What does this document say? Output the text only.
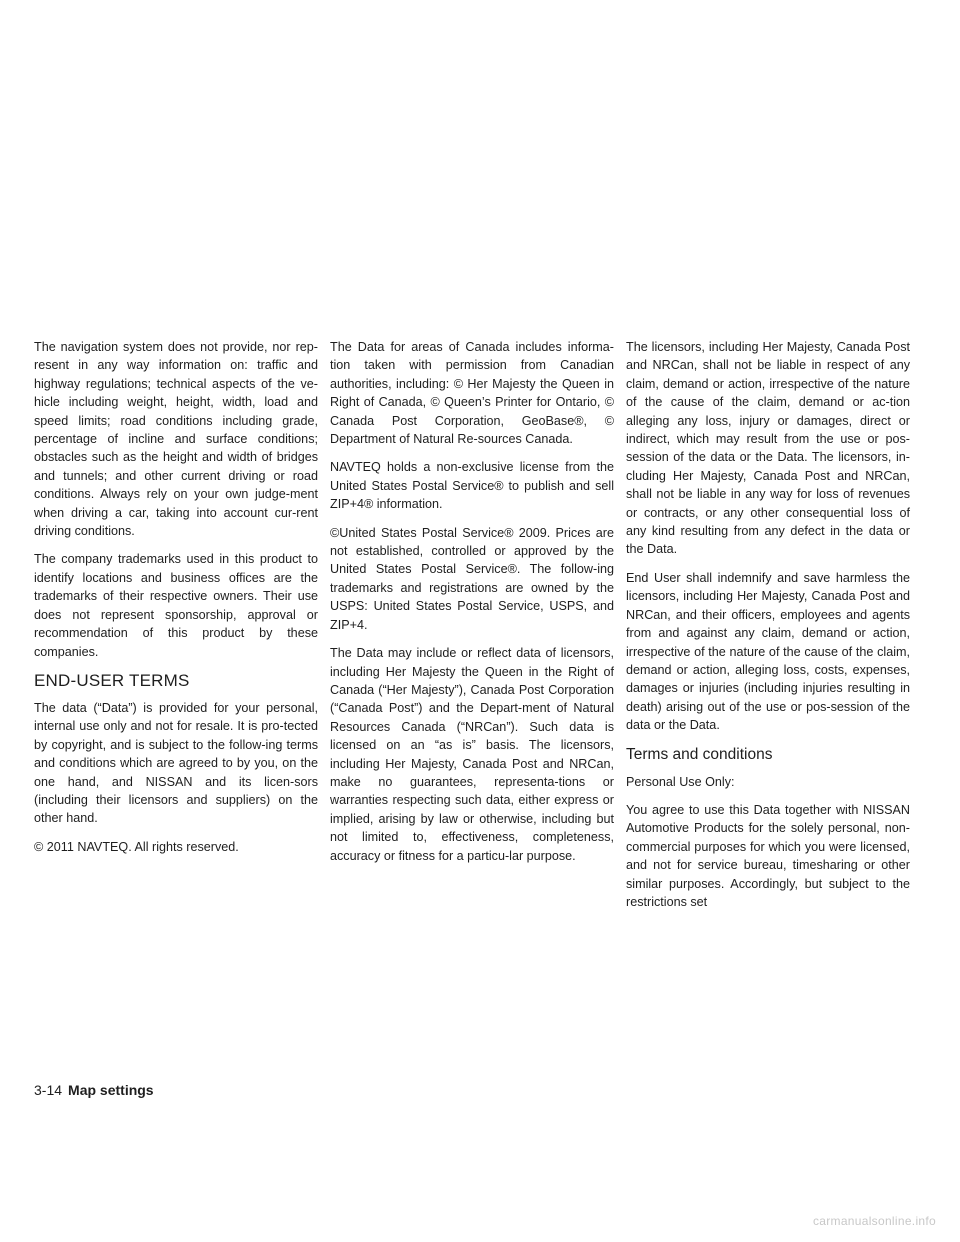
The navigation system does not provide, nor rep-resent in any way information on: traffic and highway regulations; technical aspects of the ve-hicle including weight, height, width, load and speed limits; road conditions including grade, percentage of incline and surface conditions; obstacles such as the height and width of bridges and tunnels; and other current driving or road conditions. Always rely on your own judge-ment when driving a car, taking into account cur-rent driving conditions.

The company trademarks used in this product to identify locations and business offices are the trademarks of their respective owners. Their use does not represent sponsorship, approval or recommendation of this product by these companies.

END-USER TERMS

The data (“Data”) is provided for your personal, internal use only and not for resale. It is pro-tected by copyright, and is subject to the follow-ing terms and conditions which are agreed to by you, on the one hand, and NISSAN and its licen-sors (including their licensors and suppliers) on the other hand.

© 2011 NAVTEQ. All rights reserved.

The Data for areas of Canada includes informa-tion taken with permission from Canadian authorities, including: © Her Majesty the Queen in Right of Canada, © Queen’s Printer for Ontario, © Canada Post Corporation, GeoBase®, © Department of Natural Re-sources Canada.

NAVTEQ holds a non-exclusive license from the United States Postal Service® to publish and sell ZIP+4® information.

©United States Postal Service® 2009. Prices are not established, controlled or approved by the United States Postal Service®. The follow-ing trademarks and registrations are owned by the USPS: United States Postal Service, USPS, and ZIP+4.

The Data may include or reflect data of licensors, including Her Majesty the Queen in the Right of Canada (“Her Majesty”), Canada Post Corporation (“Canada Post”) and the Depart-ment of Natural Resources Canada (“NRCan”). Such data is licensed on an “as is” basis. The licensors, including Her Majesty, Canada Post and NRCan, make no guarantees, representa-tions or warranties respecting such data, either express or implied, arising by law or otherwise, including but not limited to, effectiveness, completeness, accuracy or fitness for a particu-lar purpose.

The licensors, including Her Majesty, Canada Post and NRCan, shall not be liable in respect of any claim, demand or action, irrespective of the nature of the cause of the claim, demand or ac-tion alleging any loss, injury or damages, direct or indirect, which may result from the use or pos-session of the data or the Data. The licensors, in-cluding Her Majesty, Canada Post and NRCan, shall not be liable in any way for loss of revenues or contracts, or any other consequential loss of any kind resulting from any defect in the data or the Data.

End User shall indemnify and save harmless the licensors, including Her Majesty, Canada Post and NRCan, and their officers, employees and agents from and against any claim, demand or action, irrespective of the nature of the cause of the claim, demand or action, alleging loss, costs, expenses, damages or injuries (including injuries resulting in death) arising out of the use or pos-session of the data or the Data.

Terms and conditions

Personal Use Only:

You agree to use this Data together with NISSAN Automotive Products for the solely personal, non-commercial purposes for which you were licensed, and not for service bureau, timesharing or other similar purposes. Accordingly, but subject to the restrictions set

3-14 Map settings
carmanualsonline.info
